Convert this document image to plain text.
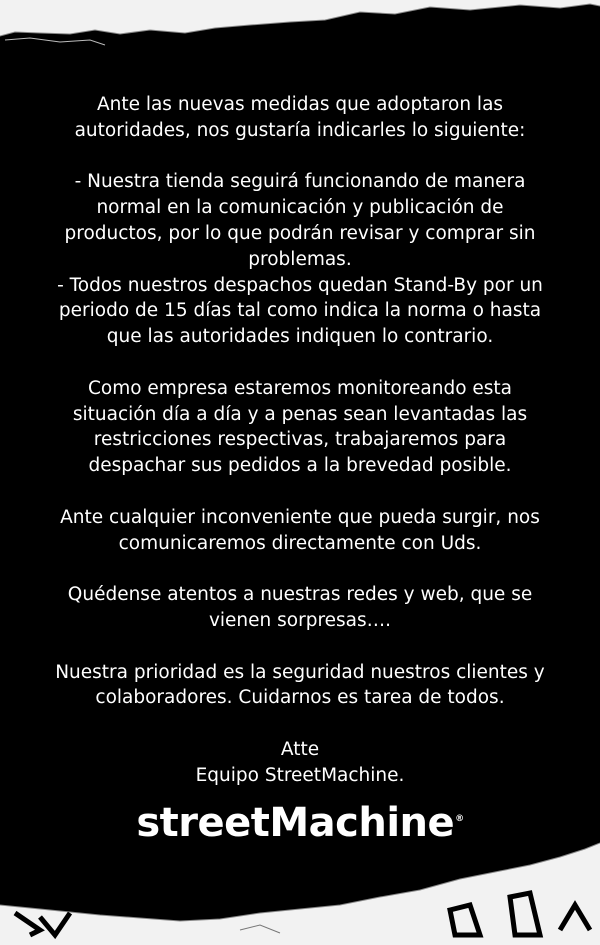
Ante las nuevas medidas que adoptaron las
autoridades, nos gustaría indicarles lo siguiente:

- Nuestra tienda seguirá funcionando de manera
normal en la comunicación y publicación de
productos, por lo que podrán revisar y comprar sin
problemas.
- Todos nuestros despachos quedan Stand-By por un
periodo de 15 días tal como indica la norma o hasta
que las autoridades indiquen lo contrario.

Como empresa estaremos monitoreando esta
situación día a día y a penas sean levantadas las
restricciones respectivas, trabajaremos para
despachar sus pedidos a la brevedad posible.

Ante cualquier inconveniente que pueda surgir, nos
comunicaremos directamente con Uds.

Quédense atentos a nuestras redes y web, que se
vienen sorpresas….

Nuestra prioridad es la seguridad nuestros clientes y
colaboradores. Cuidarnos es tarea de todos.

Atte
Equipo StreetMachine.

streetMachine®
